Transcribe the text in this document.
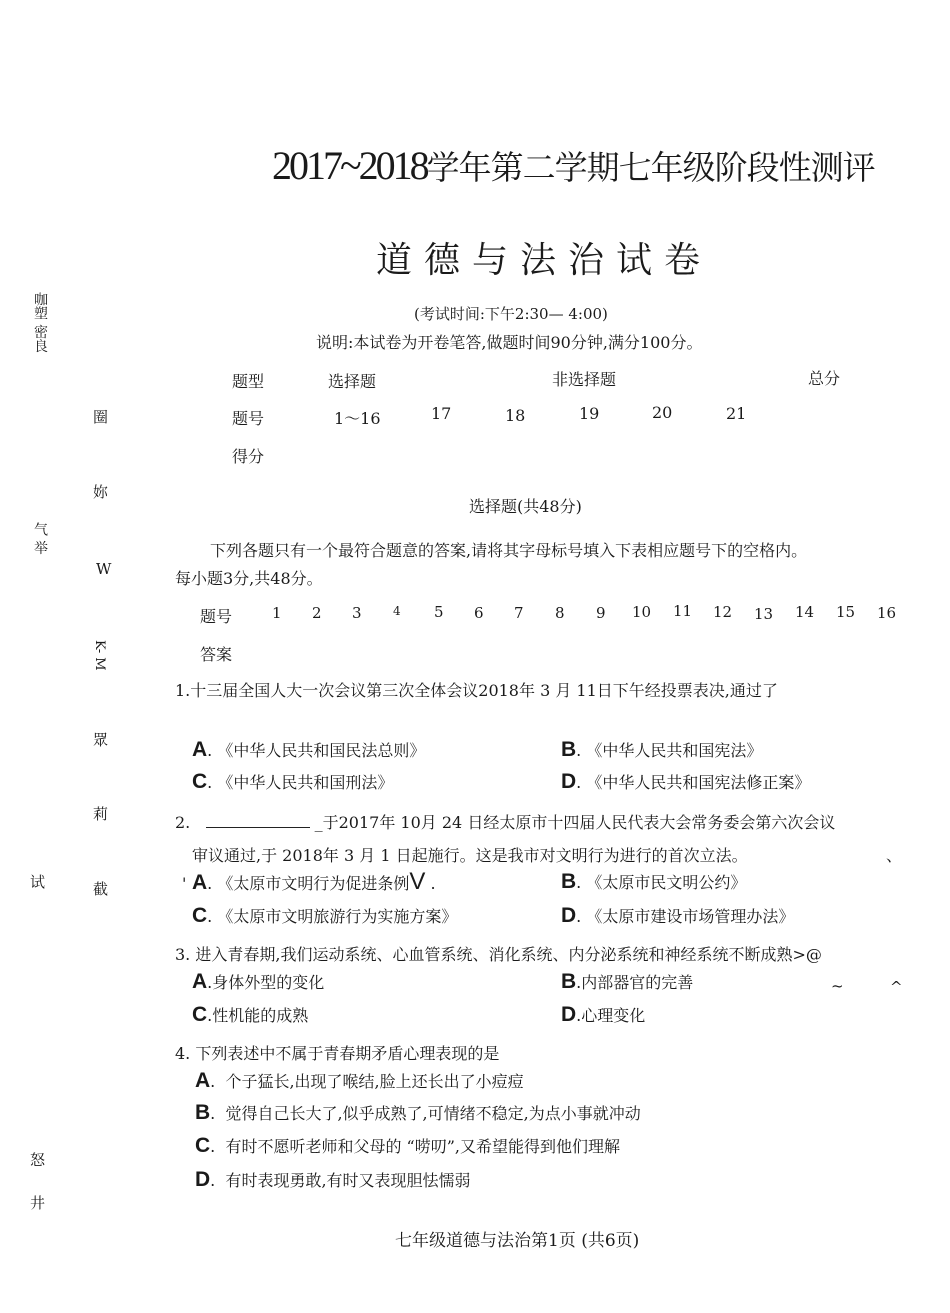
2017~2018学年第二学期七年级阶段性测评
道德与法治试卷
(考试时间:下午2:30— 4:00)
说明:本试卷为开卷笔答,做题时间90分钟,满分100分。
题型	选择题	非选择题	总分
题号	1～16	17	18	19	20	21
得分
咖塑 密良
气 举
试
怒
井
圈
妳
W
K- M
眾
莉
截
选择题(共48分)
下列各题只有一个最符合题意的答案,请将其字母标号填入下表相应题号下的空格内。
每小题3分,共48分。
题号	1 2 3	4 5 6 7 8 9 10 11 12 13 14 15 16
答案
1.十三届全国人大一次会议第三次全体会议2018年 3 月 11日下午经投票表决,通过了
A. 《中华人民共和国民法总则》	B. 《中华人民共和国宪法》
C. 《中华人民共和国刑法》	D. 《中华人民共和国宪法修正案》
2.	_于2017年 10月 24 日经太原市十四届人民代表大会常务委会第六次会议
审议通过,于 2018年 3 月 1 日起施行。这是我市对文明行为进行的首次立法。	、
' A. 《太原市文明行为促进条例V .	B. 《太原市民文明公约》
C. 《太原市文明旅游行为实施方案》	D. 《太原市建设市场管理办法》
3. 进入青春期,我们运动系统、心血管系统、消化系统、内分泌系统和神经系统不断成熟>@
A.身体外型的变化	B.内部器官的完善	~	^
C.性机能的成熟	D.心理变化
4. 下列表述中不属于青春期矛盾心理表现的是
A.  个子猛长,出现了喉结,脸上还长出了小痘痘
B.  觉得自己长大了,似乎成熟了,可情绪不稳定,为点小事就冲动
C.  有时不愿听老师和父母的 “唠叨”,又希望能得到他们理解
D.  有时表现勇敢,有时又表现胆怯懦弱
七年级道德与法治第1页 (共6页)
